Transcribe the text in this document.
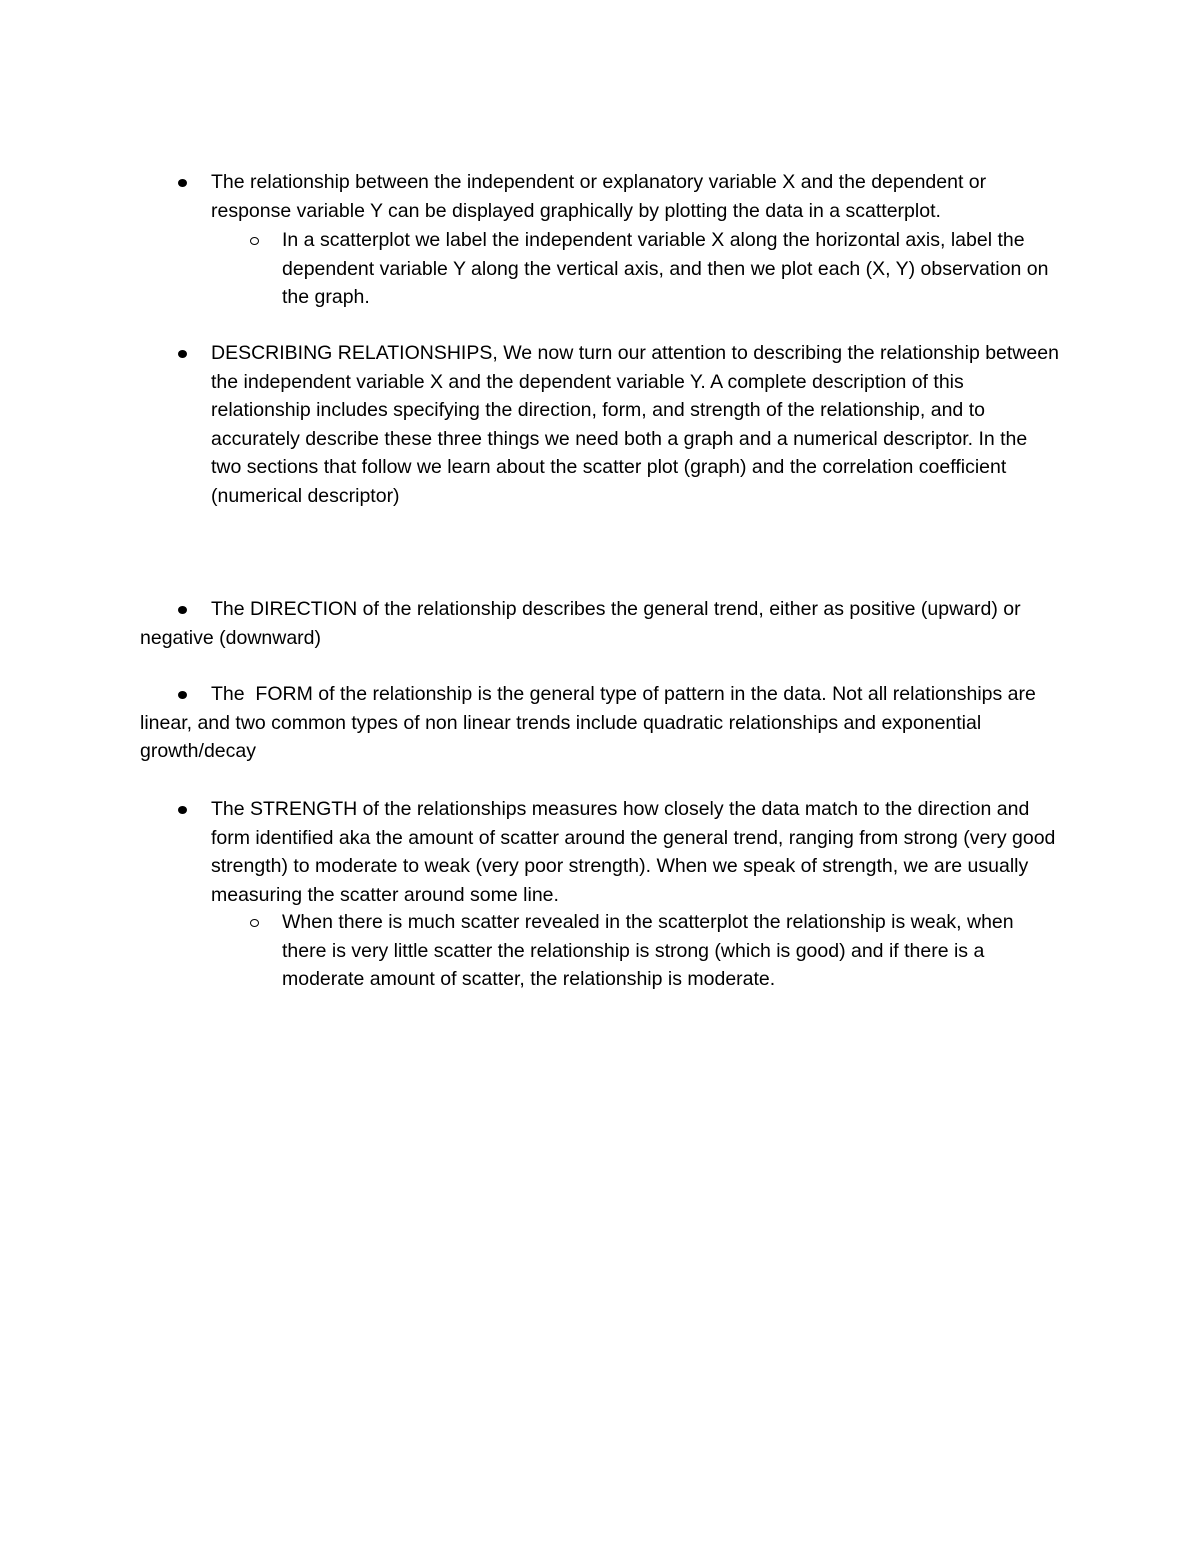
The relationship between the independent or explanatory variable X and the dependent or response variable Y can be displayed graphically by plotting the data in a scatterplot.
In a scatterplot we label the independent variable X along the horizontal axis, label the dependent variable Y along the vertical axis, and then we plot each (X, Y) observation on the graph.
DESCRIBING RELATIONSHIPS, We now turn our attention to describing the relationship between the independent variable X and the dependent variable Y. A complete description of this relationship includes specifying the direction, form, and strength of the relationship, and to accurately describe these three things we need both a graph and a numerical descriptor. In the two sections that follow we learn about the scatter plot (graph) and the correlation coefficient (numerical descriptor)
The DIRECTION of the relationship describes the general trend, either as positive (upward) or negative (downward)
The  FORM of the relationship is the general type of pattern in the data. Not all relationships are linear, and two common types of non linear trends include quadratic relationships and exponential growth/decay
The STRENGTH of the relationships measures how closely the data match to the direction and form identified aka the amount of scatter around the general trend, ranging from strong (very good strength) to moderate to weak (very poor strength). When we speak of strength, we are usually measuring the scatter around some line.
When there is much scatter revealed in the scatterplot the relationship is weak, when there is very little scatter the relationship is strong (which is good) and if there is a moderate amount of scatter, the relationship is moderate.
